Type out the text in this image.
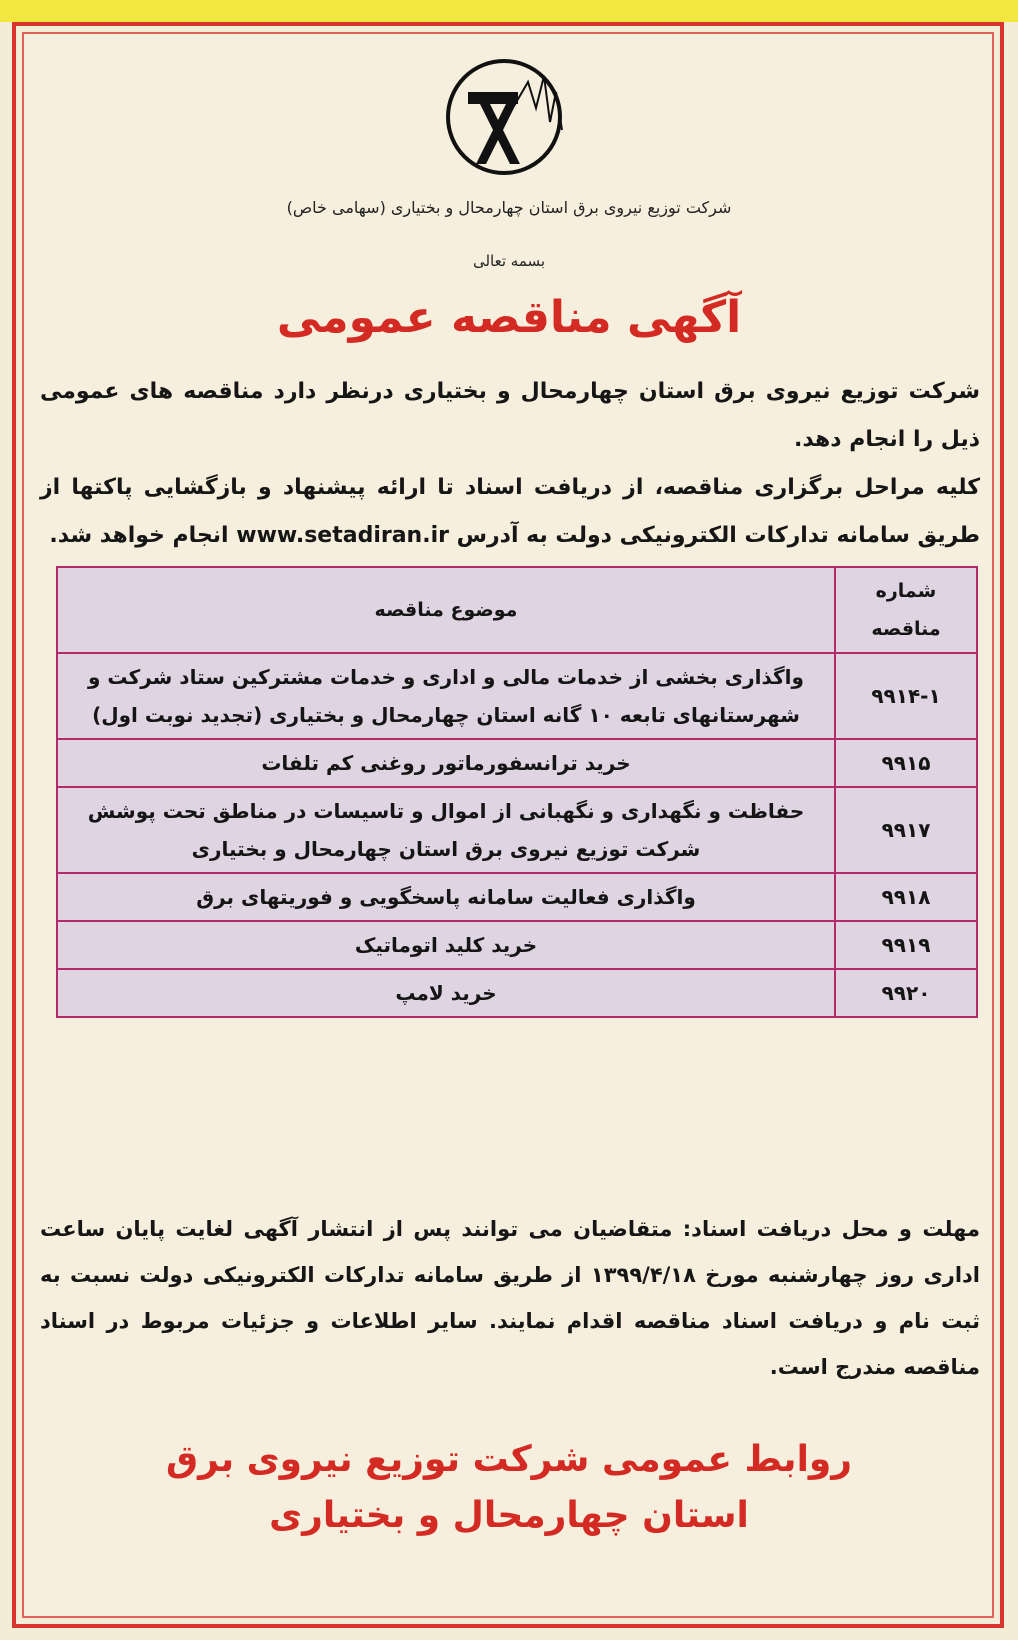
شرکت توزیع نیروی برق استان چهارمحال و بختیاری (سهامی خاص)
بسمه تعالی
آگهی مناقصه عمومی

شرکت توزیع نیروی برق استان چهارمحال و بختیاری درنظر دارد مناقصه های عمومی ذیل را انجام دهد.

کلیه مراحل برگزاری مناقصه، از دریافت اسناد تا ارائه پیشنهاد و بازگشایی پاکتها از طریق سامانه تدارکات الکترونیکی دولت به آدرس www.setadiran.ir انجام خواهد شد.

شماره مناقصه	موضوع مناقصه
۹۹۱۴-۱	واگذاری بخشی از خدمات مالی و اداری و خدمات مشترکین ستاد شرکت و شهرستانهای تابعه ۱۰ گانه استان چهارمحال و بختیاری (تجدید نوبت اول)
۹۹۱۵	خرید ترانسفورماتور روغنی کم تلفات
۹۹۱۷	حفاظت و نگهداری و نگهبانی از اموال و تاسیسات در مناطق تحت پوشش شرکت توزیع نیروی برق استان چهارمحال و بختیاری
۹۹۱۸	واگذاری فعالیت سامانه پاسخگویی و فوریتهای برق
۹۹۱۹	خرید کلید اتوماتیک
۹۹۲۰	خرید لامپ
مهلت و محل دریافت اسناد: متقاضیان می توانند پس از انتشار آگهی لغایت پایان ساعت اداری روز چهارشنبه مورخ ۱۳۹۹/۴/۱۸ از طریق سامانه تدارکات الکترونیکی دولت نسبت به ثبت نام و دریافت اسناد مناقصه اقدام نمایند. سایر اطلاعات و جزئیات مربوط در اسناد مناقصه مندرج است.

روابط عمومی شرکت توزیع نیروی برق

استان چهارمحال و بختیاری
